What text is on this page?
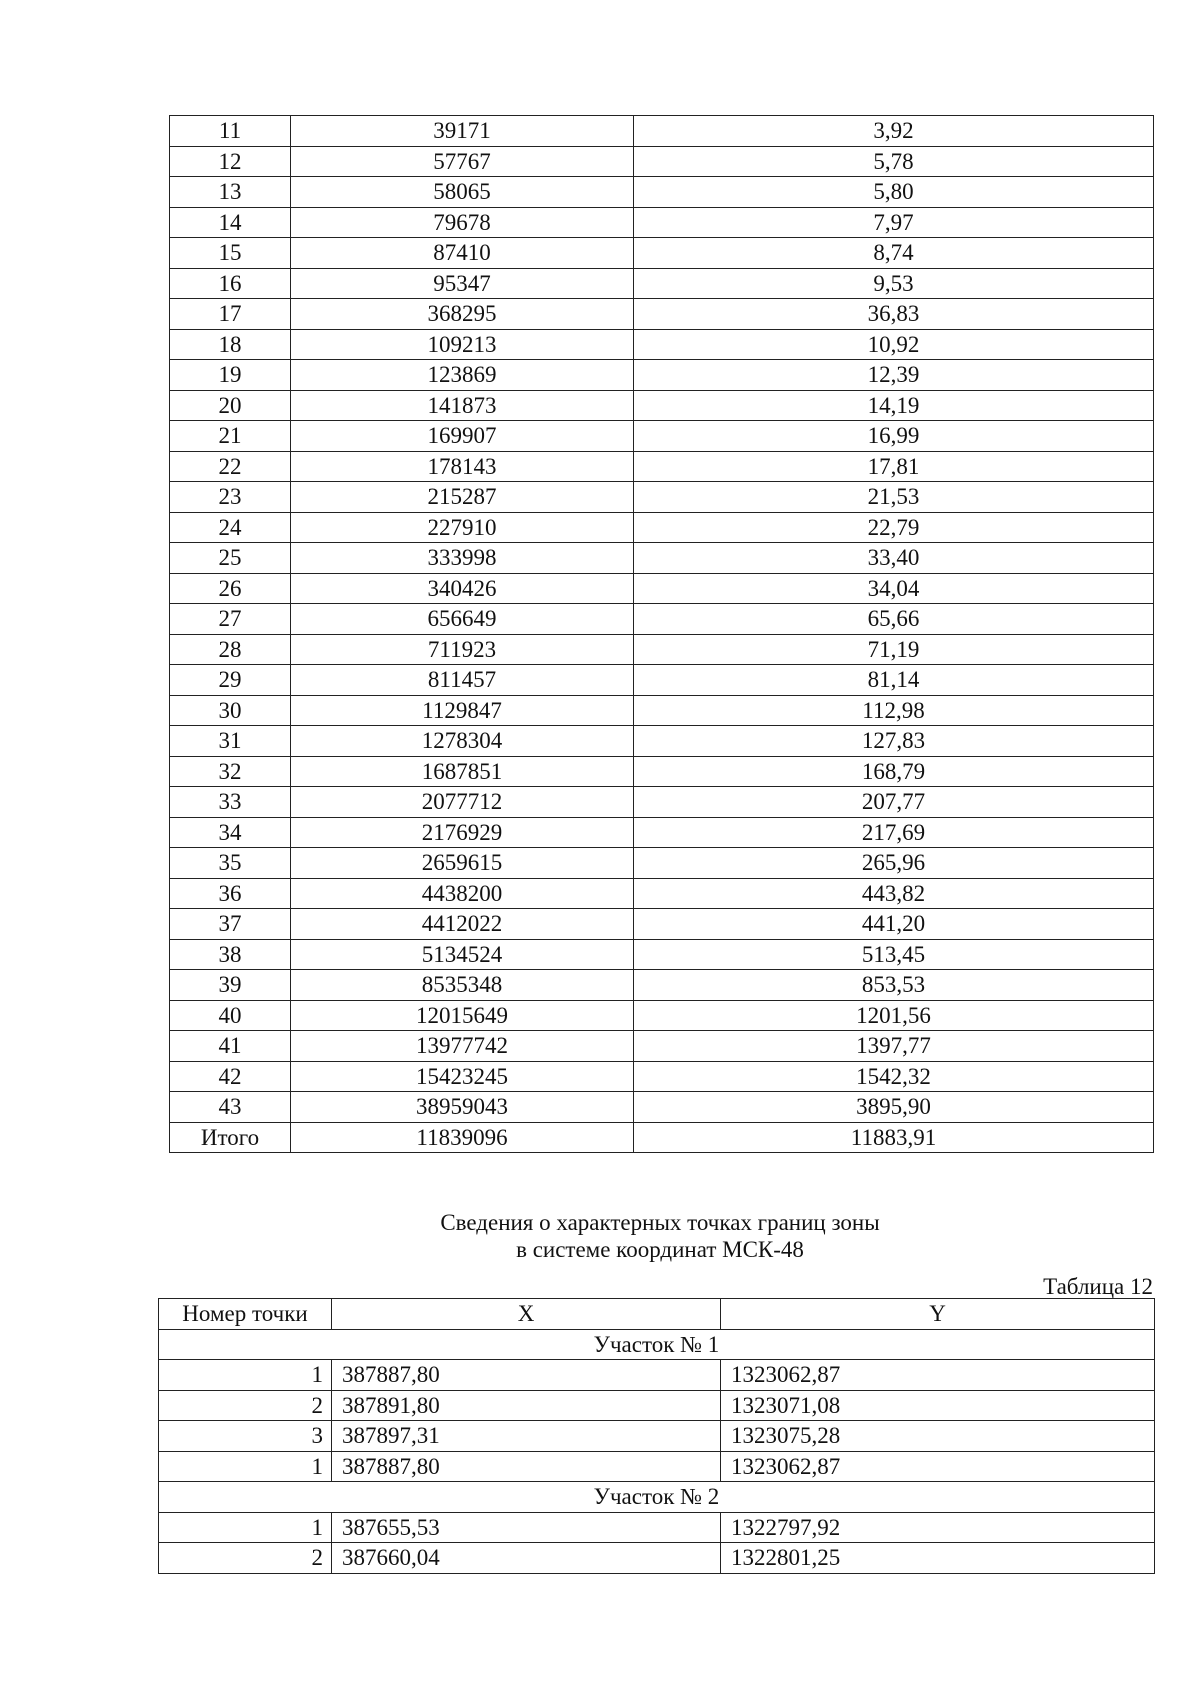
11	39171	3,92
12	57767	5,78
13	58065	5,80
14	79678	7,97
15	87410	8,74
16	95347	9,53
17	368295	36,83
18	109213	10,92
19	123869	12,39
20	141873	14,19
21	169907	16,99
22	178143	17,81
23	215287	21,53
24	227910	22,79
25	333998	33,40
26	340426	34,04
27	656649	65,66
28	711923	71,19
29	811457	81,14
30	1129847	112,98
31	1278304	127,83
32	1687851	168,79
33	2077712	207,77
34	2176929	217,69
35	2659615	265,96
36	4438200	443,82
37	4412022	441,20
38	5134524	513,45
39	8535348	853,53
40	12015649	1201,56
41	13977742	1397,77
42	15423245	1542,32
43	38959043	3895,90
Итого	11839096	11883,91
Сведения о характерных точках границ зоны
в системе координат МСК-48
Таблица 12
Номер точки	X	Y
Участок № 1		
1	387887,80	1323062,87
2	387891,80	1323071,08
3	387897,31	1323075,28
1	387887,80	1323062,87
Участок № 2		
1	387655,53	1322797,92
2	387660,04	1322801,25
